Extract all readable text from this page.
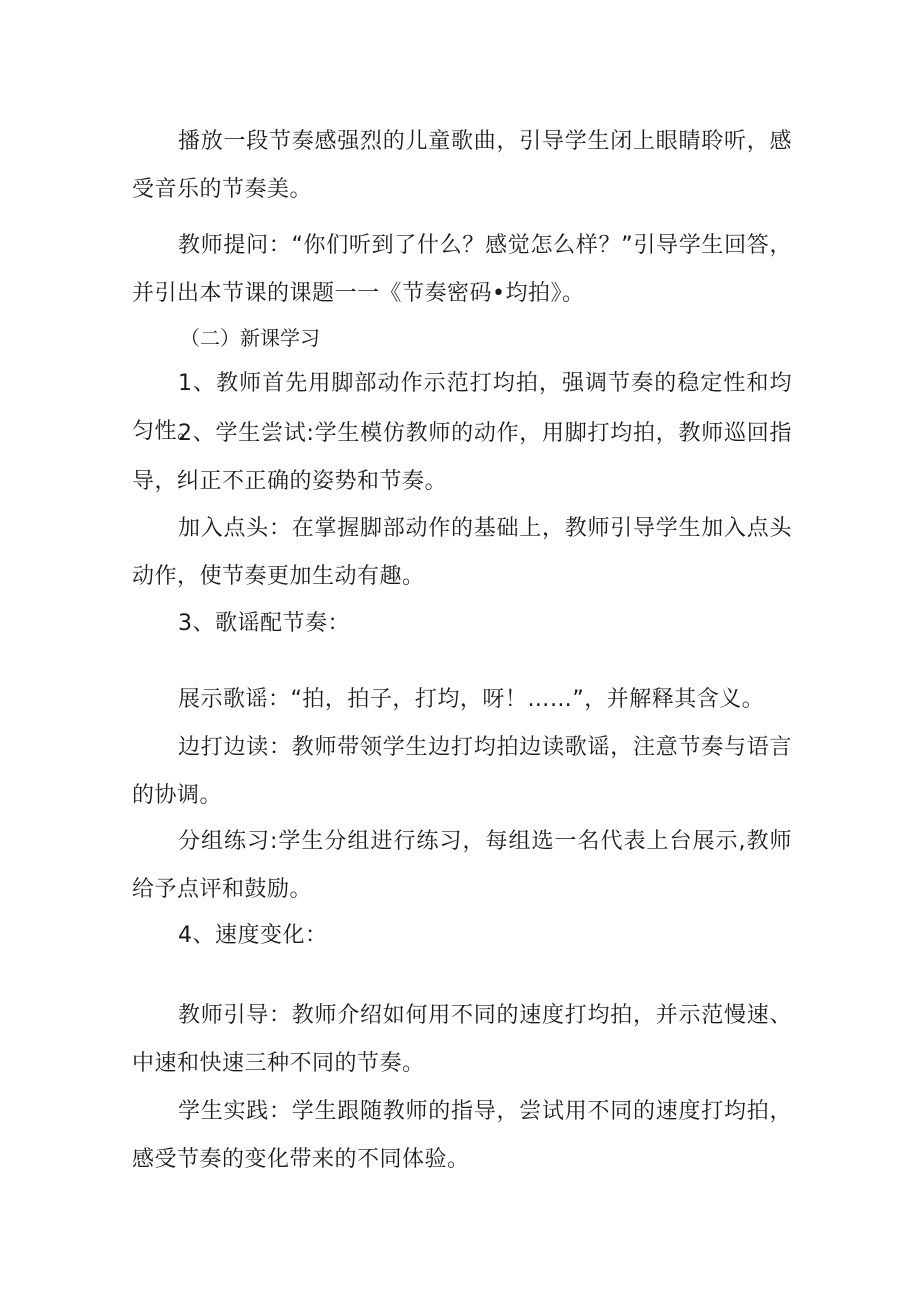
播放一段节奏感强烈的儿童歌曲，引导学生闭上眼睛聆听，感受音乐的节奏美。

教师提问：“你们听到了什么？感觉怎么样？”引导学生回答，并引出本节课的课题一一《节奏密码•均拍》。

（二）新课学习

1、教师首先用脚部动作示范打均拍，强调节奏的稳定性和均匀性。

2、学生尝试:学生模仿教师的动作，用脚打均拍，教师巡回指导，纠正不正确的姿势和节奏。

加入点头：在掌握脚部动作的基础上，教师引导学生加入点头动作，使节奏更加生动有趣。

3、歌谣配节奏：

展示歌谣：“拍，拍子，打均，呀！……”，并解释其含义。

边打边读：教师带领学生边打均拍边读歌谣，注意节奏与语言的协调。

分组练习:学生分组进行练习，每组选一名代表上台展示,教师给予点评和鼓励。

4、速度变化：

教师引导：教师介绍如何用不同的速度打均拍，并示范慢速、中速和快速三种不同的节奏。

学生实践：学生跟随教师的指导，尝试用不同的速度打均拍，感受节奏的变化带来的不同体验。
